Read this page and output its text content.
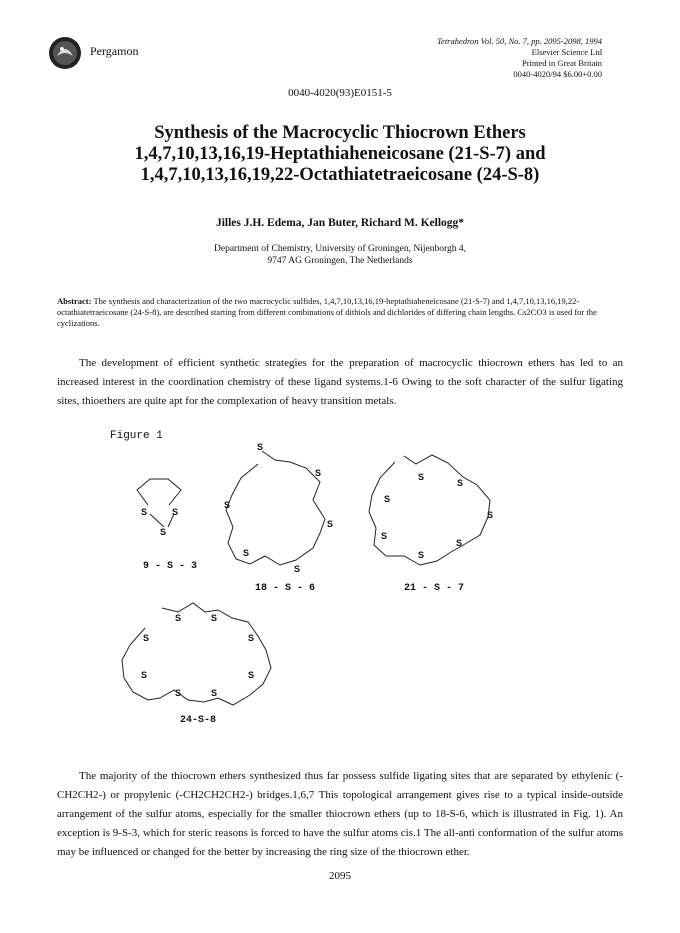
Pergamon
Tetrahedron Vol. 50, No. 7, pp. 2095-2098, 1994
Elsevier Science Ltd
Printed in Great Britain
0040-4020/94 $6.00+0.00
0040-4020(93)E0151-5
Synthesis of the Macrocyclic Thiocrown Ethers
1,4,7,10,13,16,19-Heptathiaheneicosane (21-S-7) and
1,4,7,10,13,16,19,22-Octathiatetraeicosane (24-S-8)
Jilles J.H. Edema, Jan Buter, Richard M. Kellogg*
Department of Chemistry, University of Groningen, Nijenborgh 4,
9747 AG Groningen, The Netherlands
Abstract: The synthesis and characterization of the two macrocyclic sulfides, 1,4,7,10,13,16,19-heptathiaheneicosane (21-S-7) and 1,4,7,10,13,16,19,22-octathiatetraeicosane (24-S-8), are described starting from different combinations of dithiols and dichlorides of differing chain lengths. Cs2CO3 is used for the cyclizations.
The development of efficient synthetic strategies for the preparation of macrocyclic thiocrown ethers has led to an increased interest in the coordination chemistry of these ligand systems.1-6 Owing to the soft character of the sulfur ligating sites, thioethers are quite apt for the complexation of heavy transition metals.
Figure 1
S	S
S
9 - S - 3
S
S
S
S
S
S
18 - S - 6
S
S
S
S
S
S
S
21 - S - 7
S	S
S	S
S	S
S	S
24-S-8
The majority of the thiocrown ethers synthesized thus far possess sulfide ligating sites that are separated by ethylenic (-CH2CH2-) or propylenic (-CH2CH2CH2-) bridges.1,6,7 This topological arrangement gives rise to a typical inside-outside arrangement of the sulfur atoms, especially for the smaller thiocrown ethers (up to 18-S-6, which is illustrated in Fig. 1). An exception is 9-S-3, which for steric reasons is forced to have the sulfur atoms cis.1 The all-anti conformation of the sulfur atoms may be influenced or changed for the better by increasing the ring size of the thiocrown ether.
2095
